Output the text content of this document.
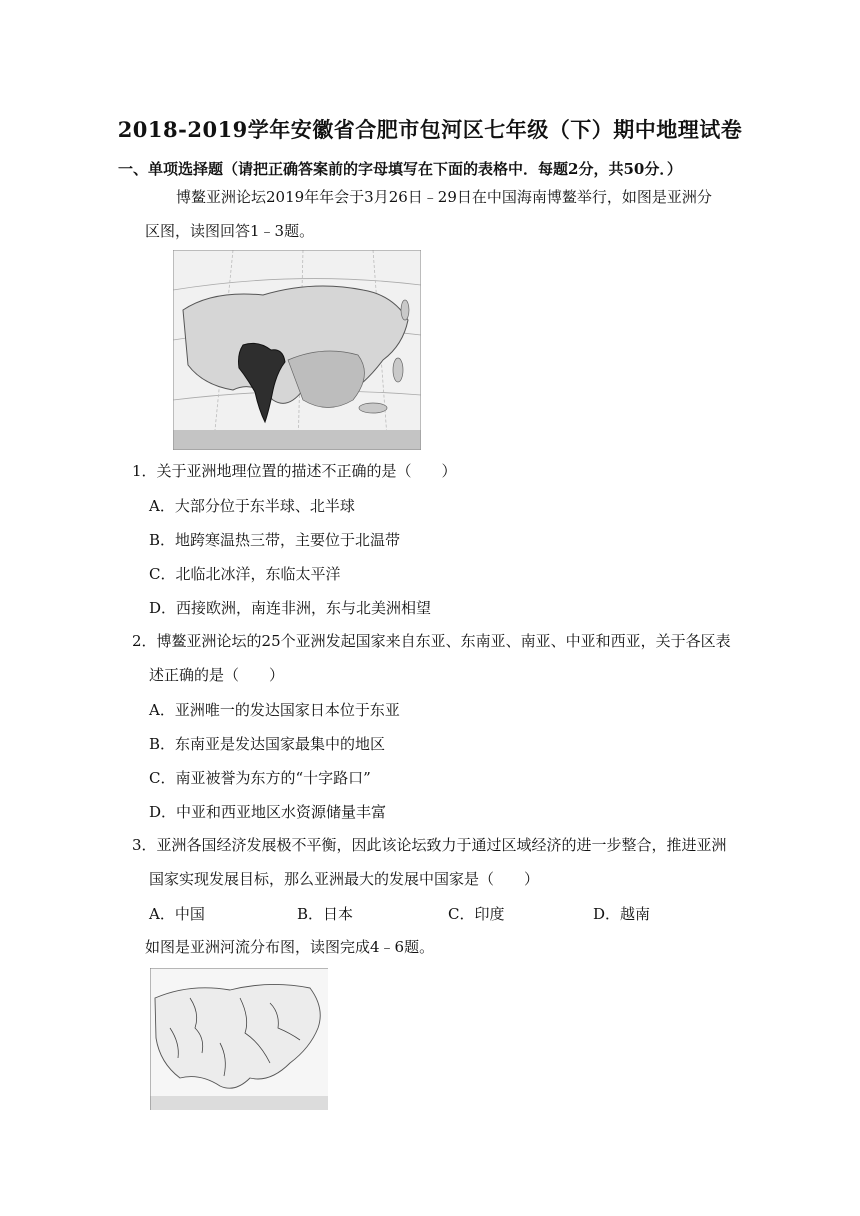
2018-2019学年安徽省合肥市包河区七年级（下）期中地理试卷
一、单项选择题（请把正确答案前的字母填写在下面的表格中．每题2分，共50分．）
博鳌亚洲论坛2019年年会于3月26日﹣29日在中国海南博鳌举行，如图是亚洲分
区图，读图回答1﹣3题。
1．关于亚洲地理位置的描述不正确的是（　　）
A．大部分位于东半球、北半球
B．地跨寒温热三带，主要位于北温带
C．北临北冰洋，东临太平洋
D．西接欧洲，南连非洲，东与北美洲相望
2．博鳌亚洲论坛的25个亚洲发起国家来自东亚、东南亚、南亚、中亚和西亚，关于各区表
述正确的是（　　）
A．亚洲唯一的发达国家日本位于东亚
B．东南亚是发达国家最集中的地区
C．南亚被誉为东方的“十字路口”
D．中亚和西亚地区水资源储量丰富
3．亚洲各国经济发展极不平衡，因此该论坛致力于通过区域经济的进一步整合，推进亚洲
国家实现发展目标，那么亚洲最大的发展中国家是（　　）
A．中国	B．日本	C．印度	D．越南
如图是亚洲河流分布图，读图完成4﹣6题。
